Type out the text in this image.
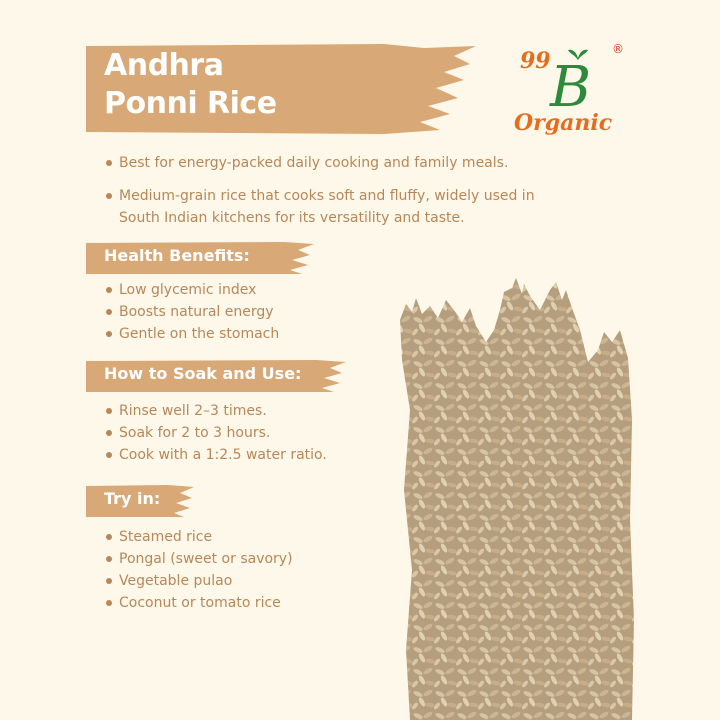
Andhra
Ponni Rice
99 B
Organic
®
Best for energy-packed daily cooking and family meals.
Medium-grain rice that cooks soft and fluffy, widely used in South Indian kitchens for its versatility and taste.
Health Benefits:
Low glycemic index
Boosts natural energy
Gentle on the stomach
How to Soak and Use:
Rinse well 2–3 times.
Soak for 2 to 3 hours.
Cook with a 1:2.5 water ratio.
Try in:
Steamed rice
Pongal (sweet or savory)
Vegetable pulao
Coconut or tomato rice
